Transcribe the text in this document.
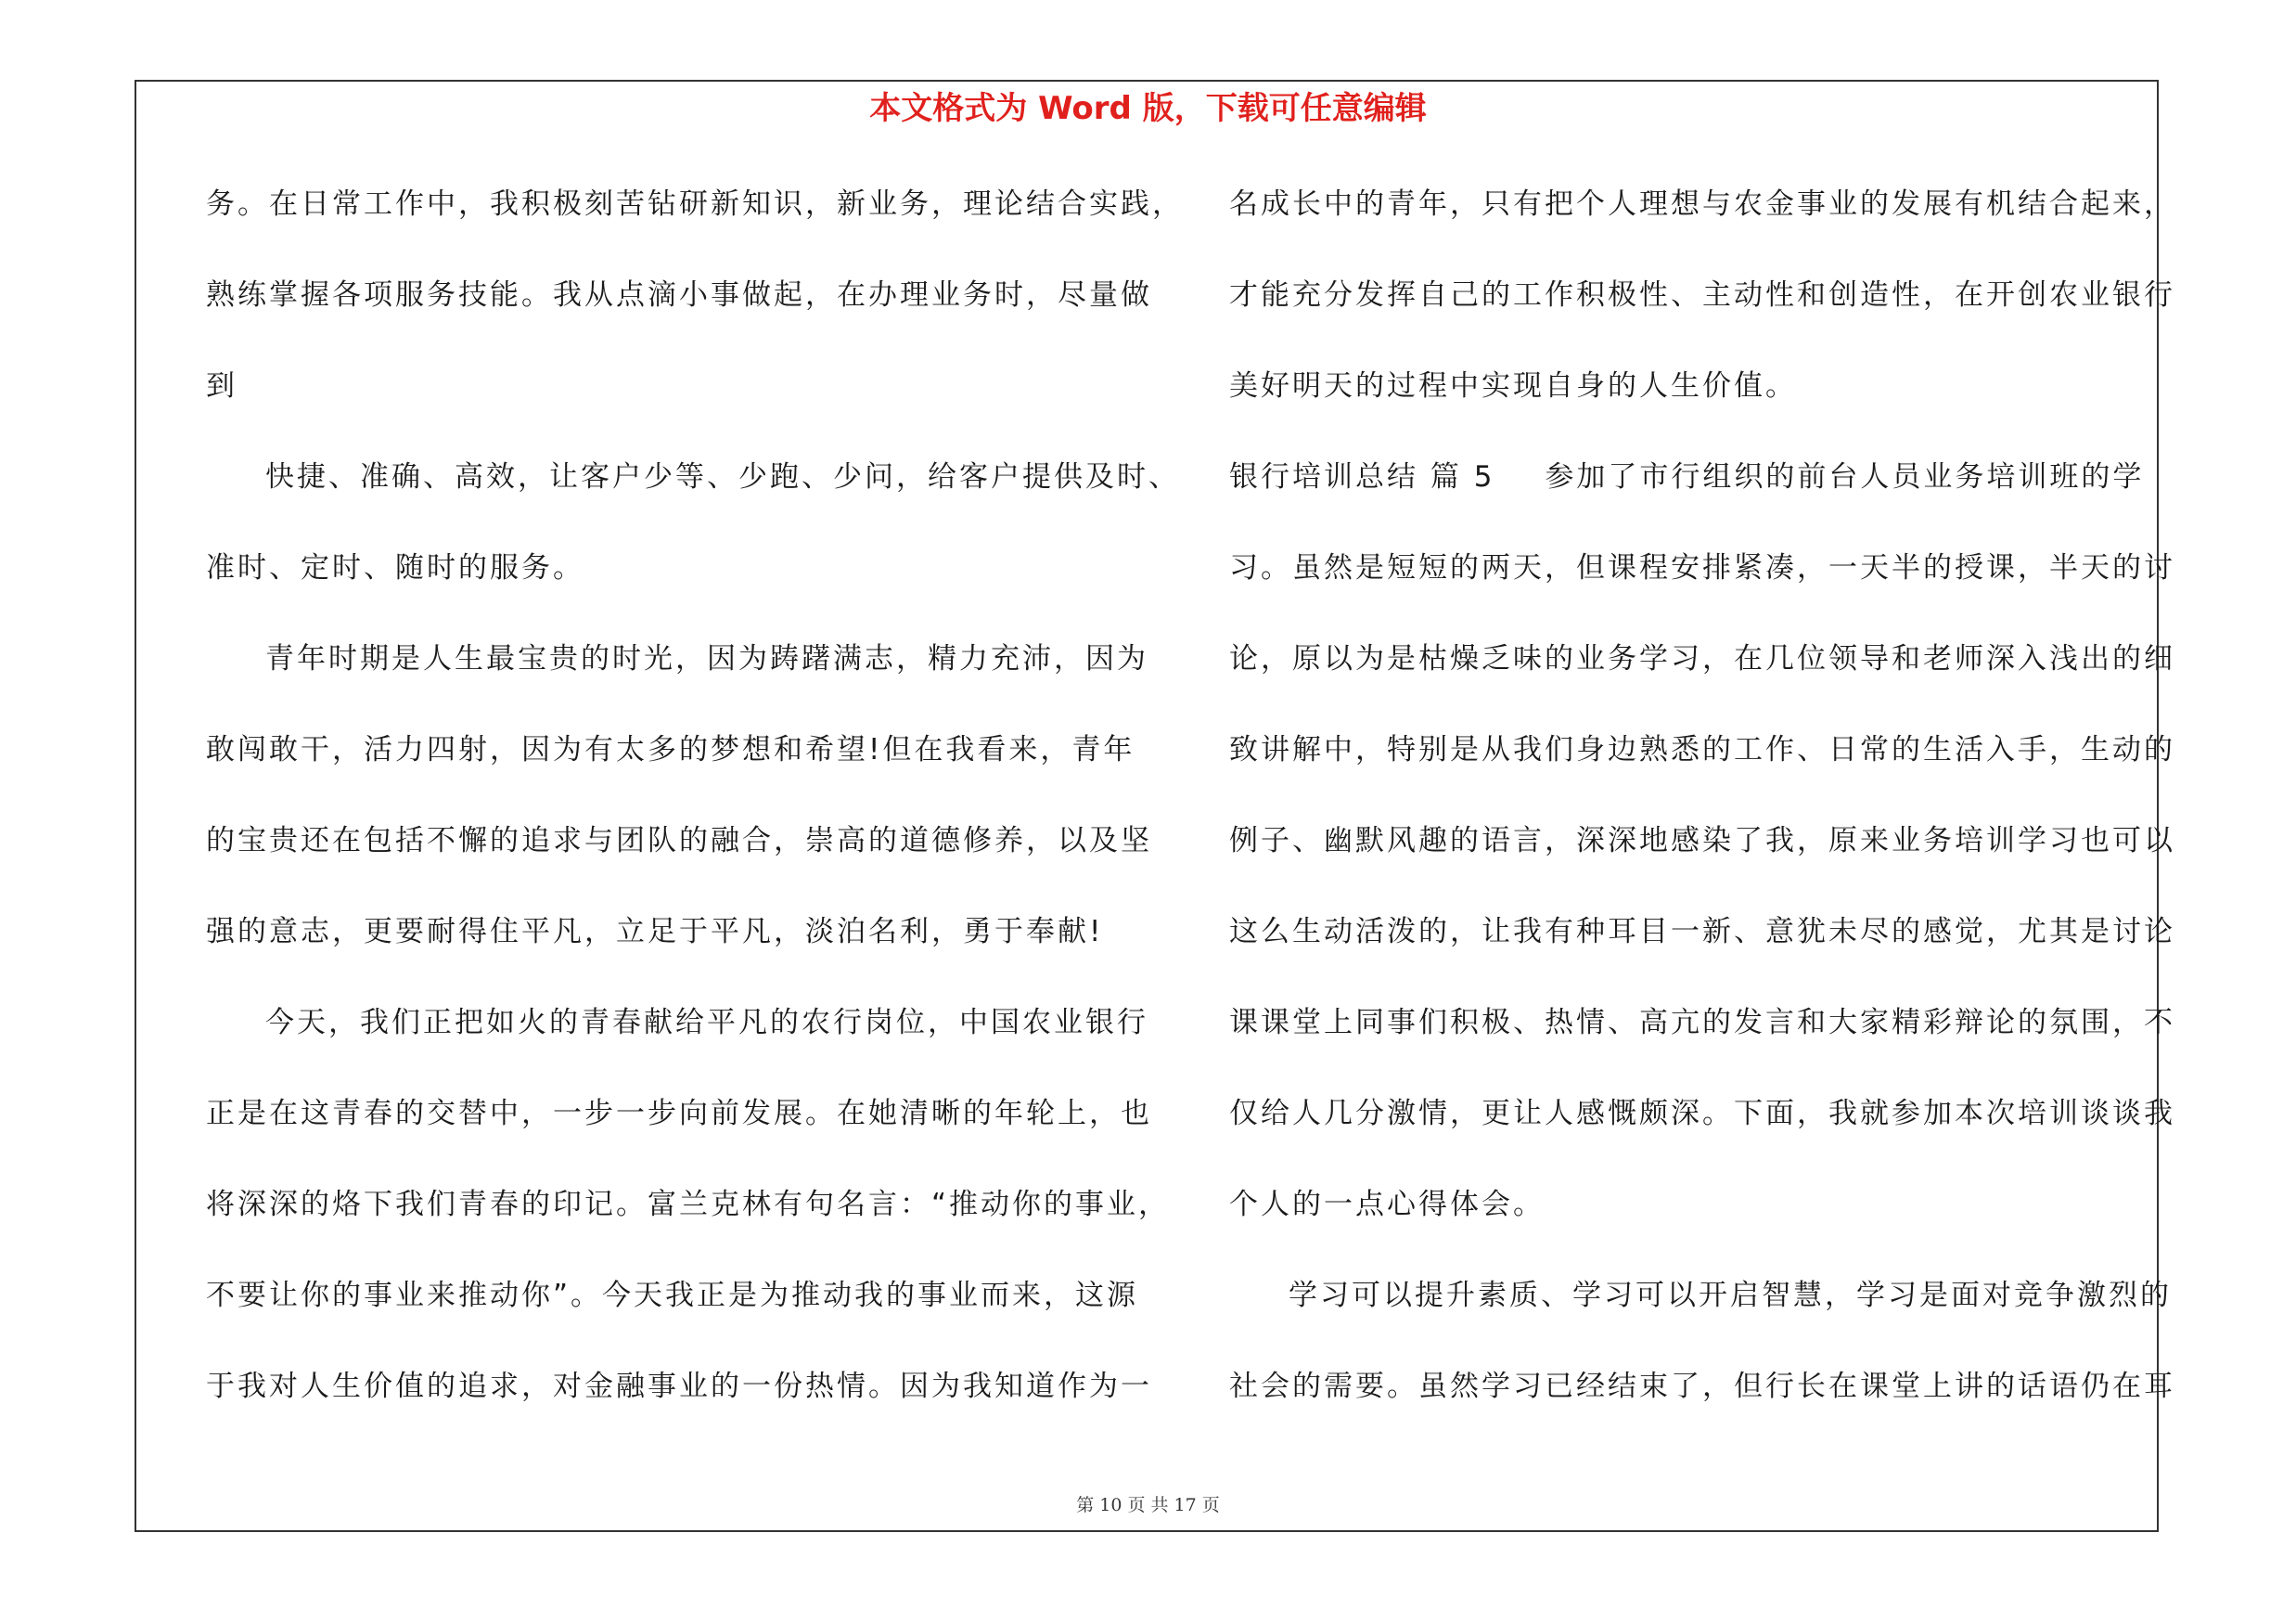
本文格式为 Word 版，下载可任意编辑
务。在日常工作中，我积极刻苦钻研新知识，新业务，理论结合实践，
熟练掌握各项服务技能。我从点滴小事做起，在办理业务时，尽量做
到
快捷、准确、高效，让客户少等、少跑、少问，给客户提供及时、
准时、定时、随时的服务。
青年时期是人生最宝贵的时光，因为踌躇满志，精力充沛，因为
敢闯敢干，活力四射，因为有太多的梦想和希望!但在我看来，青年
的宝贵还在包括不懈的追求与团队的融合，崇高的道德修养，以及坚
强的意志，更要耐得住平凡，立足于平凡，淡泊名利，勇于奉献!
今天，我们正把如火的青春献给平凡的农行岗位，中国农业银行
正是在这青春的交替中，一步一步向前发展。在她清晰的年轮上，也
将深深的烙下我们青春的印记。富兰克林有句名言：“推动你的事业，
不要让你的事业来推动你”。今天我正是为推动我的事业而来，这源
于我对人生价值的追求，对金融事业的一份热情。因为我知道作为一
名成长中的青年，只有把个人理想与农金事业的发展有机结合起来，
才能充分发挥自己的工作积极性、主动性和创造性，在开创农业银行
美好明天的过程中实现自身的人生价值。
银行培训总结 篇 5 参加了市行组织的前台人员业务培训班的学
习。虽然是短短的两天，但课程安排紧凑，一天半的授课，半天的讨
论，原以为是枯燥乏味的业务学习，在几位领导和老师深入浅出的细
致讲解中，特别是从我们身边熟悉的工作、日常的生活入手，生动的
例子、幽默风趣的语言，深深地感染了我，原来业务培训学习也可以
这么生动活泼的，让我有种耳目一新、意犹未尽的感觉，尤其是讨论
课课堂上同事们积极、热情、高亢的发言和大家精彩辩论的氛围，不
仅给人几分激情，更让人感慨颇深。下面，我就参加本次培训谈谈我
个人的一点心得体会。
学习可以提升素质、学习可以开启智慧，学习是面对竞争激烈的
社会的需要。虽然学习已经结束了，但行长在课堂上讲的话语仍在耳
第 10 页 共 17 页
